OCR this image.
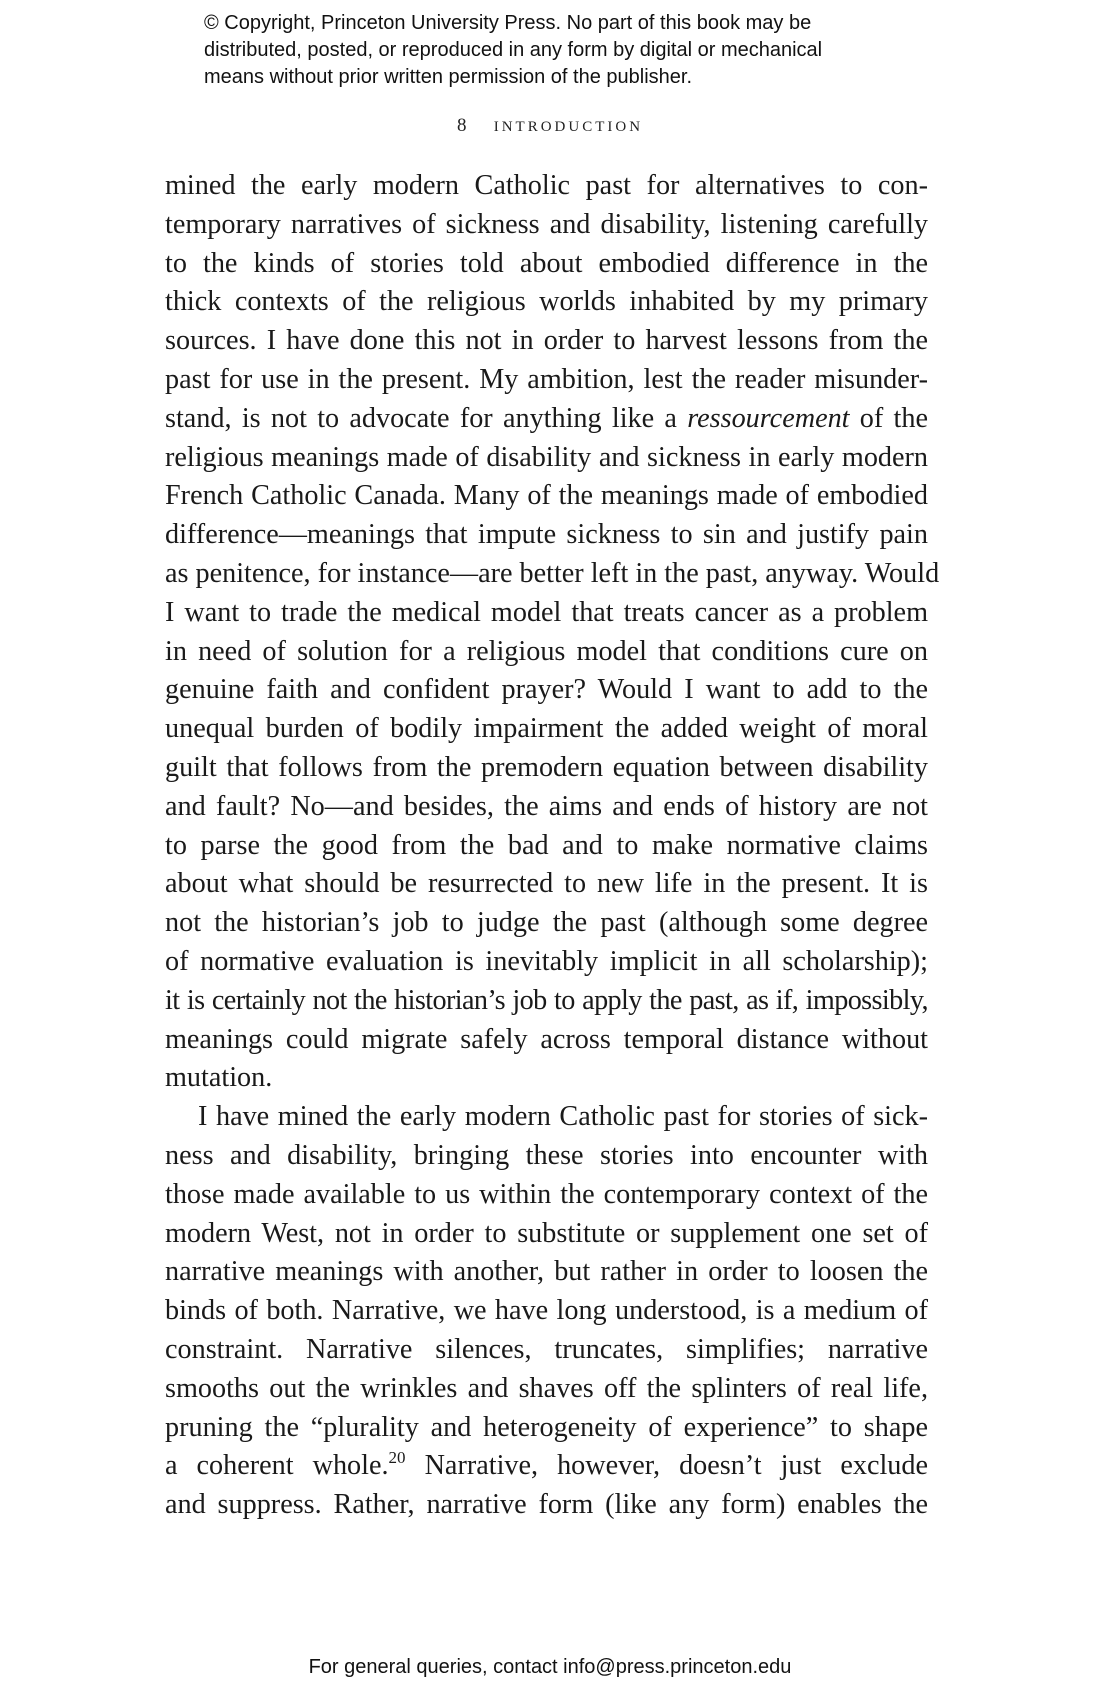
© Copyright, Princeton University Press. No part of this book may be
distributed, posted, or reproduced in any form by digital or mechanical
means without prior written permission of the publisher.
8 introduction
mined the early modern Catholic past for alternatives to con-
temporary narratives of sickness and disability, listening carefully
to the kinds of stories told about embodied difference in the
thick contexts of the religious worlds inhabited by my primary
sources. I have done this not in order to harvest lessons from the
past for use in the present. My ambition, lest the reader misunder-
stand, is not to advocate for anything like a ressourcement of the
religious meanings made of disability and sickness in early modern
French Catholic Canada. Many of the meanings made of embodied
difference—meanings that impute sickness to sin and justify pain
as penitence, for instance—are better left in the past, anyway. Would
I want to trade the medical model that treats cancer as a problem
in need of solution for a religious model that conditions cure on
genuine faith and confident prayer? Would I want to add to the
unequal burden of bodily impairment the added weight of moral
guilt that follows from the premodern equation between disability
and fault? No—and besides, the aims and ends of history are not
to parse the good from the bad and to make normative claims
about what should be resurrected to new life in the present. It is
not the historian’s job to judge the past (although some degree
of normative evaluation is inevitably implicit in all scholarship);
it is certainly not the historian’s job to apply the past, as if, impossibly,
meanings could migrate safely across temporal distance without
mutation.
I have mined the early modern Catholic past for stories of sick-
ness and disability, bringing these stories into encounter with
those made available to us within the contemporary context of the
modern West, not in order to substitute or supplement one set of
narrative meanings with another, but rather in order to loosen the
binds of both. Narrative, we have long understood, is a medium of
constraint. Narrative silences, truncates, simplifies; narrative
smooths out the wrinkles and shaves off the splinters of real life,
pruning the “plurality and heterogeneity of experience” to shape
a coherent whole.$^{20}$ Narrative, however, doesn’t just exclude
and suppress. Rather, narrative form (like any form) enables the
For general queries, contact info@press.princeton.edu
